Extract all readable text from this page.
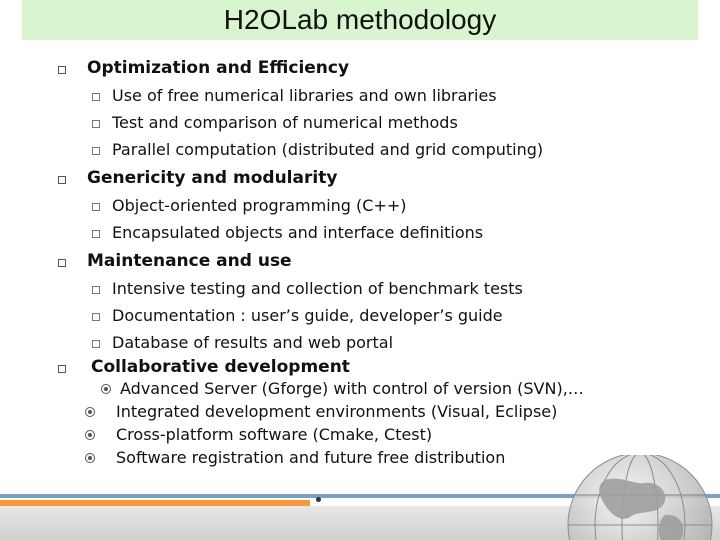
H2OLab methodology
Optimization and Efficiency
Use of free numerical libraries and own libraries
Test and comparison of numerical methods
Parallel computation (distributed and grid computing)
Genericity and modularity
Object-oriented programming (C++)
Encapsulated objects and interface definitions
Maintenance and use
Intensive testing and collection of benchmark tests
Documentation : user’s guide, developer’s guide
Database of results and web portal
Collaborative development
Advanced Server (Gforge) with control of version (SVN),…
Integrated development environments (Visual, Eclipse)
Cross-platform software (Cmake, Ctest)
Software registration and future free distribution
